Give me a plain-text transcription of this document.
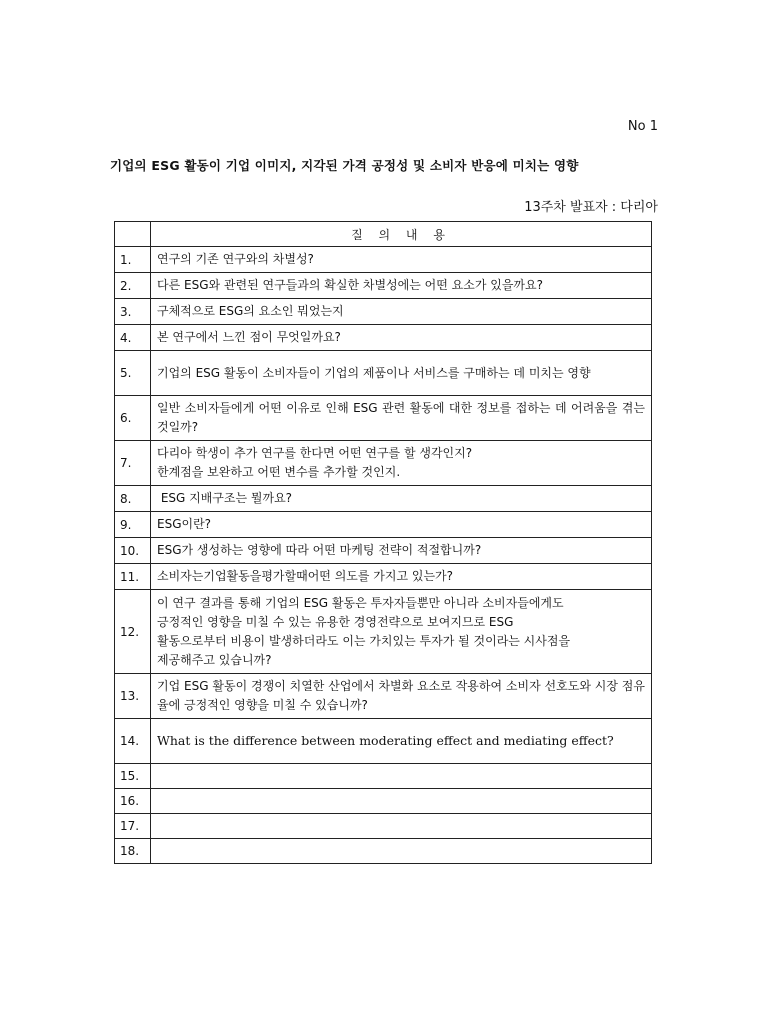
No 1
기업의 ESG 활동이 기업 이미지, 지각된 가격 공정성 및 소비자 반응에 미치는 영향
13주차 발표자 : 다리아
	질 의 내 용
1.	연구의 기존 연구와의 차별성?

2.	다른 ESG와 관련된 연구들과의 확실한 차별성에는 어떤 요소가 있을까요?

3.	구체적으로 ESG의 요소인 뭐었는지

4.	본 연구에서 느낀 점이 무엇일까요?

5.	기업의 ESG 활동이 소비자들이 기업의 제품이나 서비스를 구매하는 데 미치는 영향

6.	일반 소비자들에게 어떤 이유로 인해 ESG 관련 활동에 대한 정보를 접하는 데 어려움을 겪는 것일까?

7.	다리아 학생이 추가 연구를 한다면 어떤 연구를 할 생각인지?
한계점을 보완하고 어떤 변수를 추가할 것인지.

8.	ESG 지배구조는 뭘까요?

9.	ESG이란?

10.	ESG가 생성하는 영향에 따라 어떤 마케팅 전략이 적절합니까?

11.	소비자는기업활동을평가할때어떤 의도를 가지고 있는가?

12.	이 연구 결과를 통해 기업의 ESG 활동은 투자자들뿐만 아니라 소비자들에게도
긍정적인 영향을 미칠 수 있는 유용한 경영전략으로 보여지므로 ESG
활동으로부터 비용이 발생하더라도 이는 가치있는 투자가 될 것이라는 시사점을
제공해주고 있습니까?

13.	기업 ESG 활동이 경쟁이 치열한 산업에서 차별화 요소로 작용하여 소비자 선호도와 시장 점유율에 긍정적인 영향을 미칠 수 있습니까?

14.	What is the difference between moderating effect and mediating effect?

15.	

16.	

17.	

18.	
